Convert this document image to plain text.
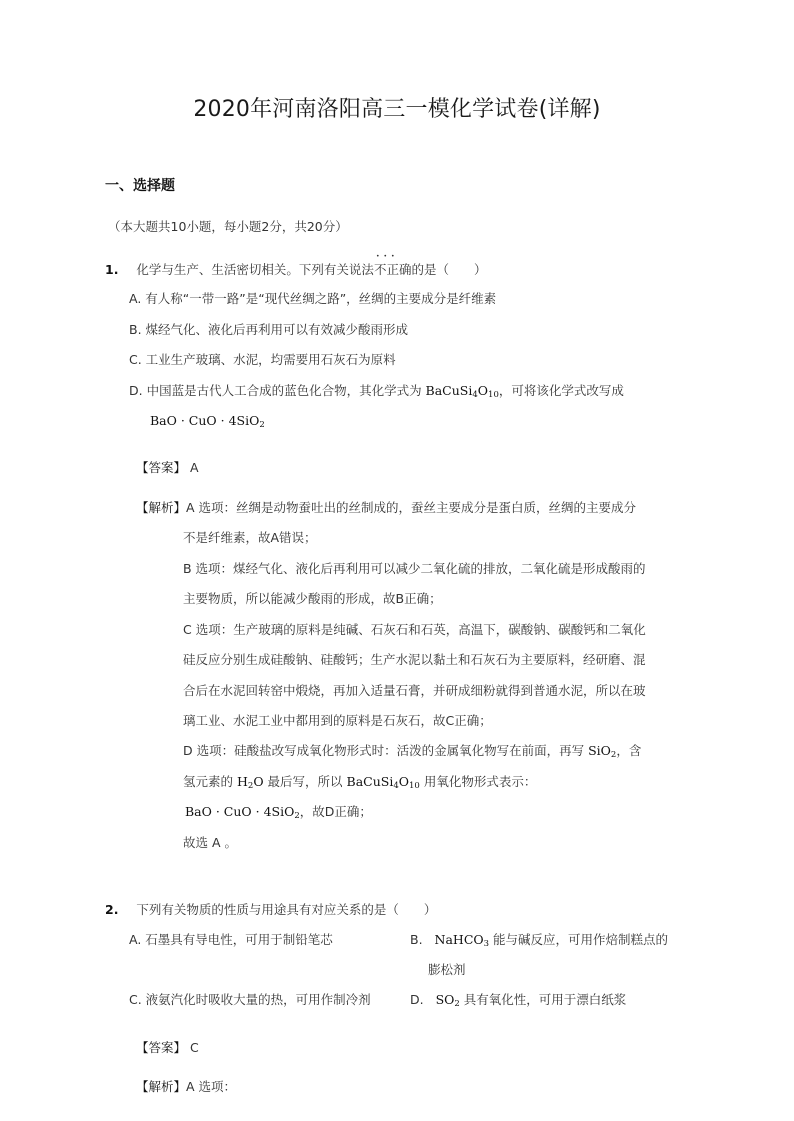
2020年河南洛阳高三一模化学试卷(详解)
一、选择题
（本大题共10小题，每小题2分，共20分）
1. 化学与生产、生活密切相关。下列有关说法不正确 • • •的是（　　）
A. 有人称“一带一路”是“现代丝绸之路”，丝绸的主要成分是纤维素
B. 煤经气化、液化后再利用可以有效减少酸雨形成
C. 工业生产玻璃、水泥，均需要用石灰石为原料
D. 中国蓝是古代人工合成的蓝色化合物，其化学式为 $BaCuSi_4O_{10}$，可将该化学式改写成
BaO · CuO · 4SiO$_2$
【答案】 A
【解析】A 选项：丝绸是动物蚕吐出的丝制成的，蚕丝主要成分是蛋白质，丝绸的主要成分
不是纤维素，故A错误；
B 选项：煤经气化、液化后再利用可以减少二氧化硫的排放，二氧化硫是形成酸雨的
主要物质，所以能减少酸雨的形成，故B正确；
C 选项：生产玻璃的原料是纯碱、石灰石和石英，高温下，碳酸钠、碳酸钙和二氧化
硅反应分别生成硅酸钠、硅酸钙；生产水泥以黏土和石灰石为主要原料，经研磨、混
合后在水泥回转窑中煅烧，再加入适量石膏，并研成细粉就得到普通水泥，所以在玻
璃工业、水泥工业中都用到的原料是石灰石，故C正确；
D 选项：硅酸盐改写成氧化物形式时：活泼的金属氧化物写在前面，再写 SiO$_2$，含
氢元素的 $H_2O$ 最后写，所以 $BaCuSi_4O_{10}$ 用氧化物形式表示：
BaO · CuO · 4SiO$_2$，故D正确；
故选 A 。
2. 下列有关物质的性质与用途具有对应关系的是（　　）
A. 石墨具有导电性，可用于制铅笔芯	B. NaHCO$_3$ 能与碱反应，可用作焙制糕点的
膨松剂
C. 液氨汽化时吸收大量的热，可用作制冷剂	D. $SO_2$ 具有氧化性，可用于漂白纸浆
【答案】 C
【解析】A 选项：
